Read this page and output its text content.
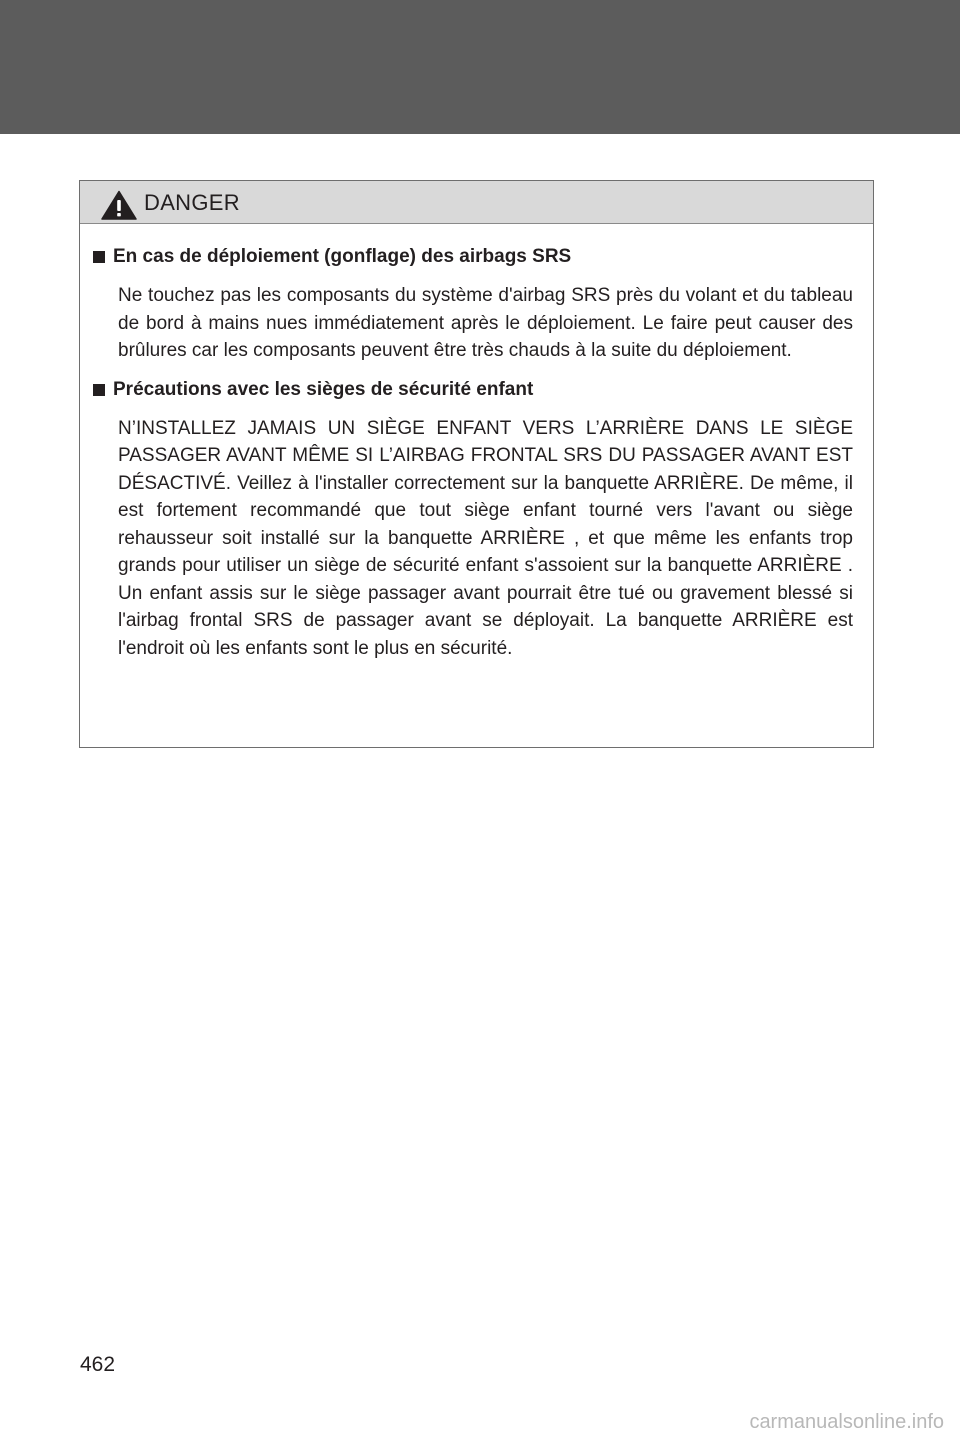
DANGER
En cas de déploiement (gonflage) des airbags SRS

Ne touchez pas les composants du système d'airbag SRS près du volant et du tableau de bord à mains nues immédiatement après le déploiement. Le faire peut causer des brûlures car les composants peuvent être très chauds à la suite du déploiement.

Précautions avec les sièges de sécurité enfant

N’INSTALLEZ JAMAIS UN SIÈGE ENFANT VERS L’ARRIÈRE DANS LE SIÈGE PASSAGER AVANT MÊME SI L’AIRBAG FRONTAL SRS DU PASSAGER AVANT EST DÉSACTIVÉ. Veillez à l'installer correctement sur la banquette ARRIÈRE. De même, il est fortement recommandé que tout siège enfant tourné vers l'avant ou siège rehausseur soit installé sur la banquette ARRIÈRE , et que même les enfants trop grands pour utiliser un siège de sécurité enfant s'assoient sur la banquette ARRIÈRE . Un enfant assis sur le siège passager avant pourrait être tué ou gravement blessé si l'airbag frontal SRS de passager avant se déployait. La banquette ARRIÈRE est l'endroit où les enfants sont le plus en sécurité.

462
carmanualsonline.info
